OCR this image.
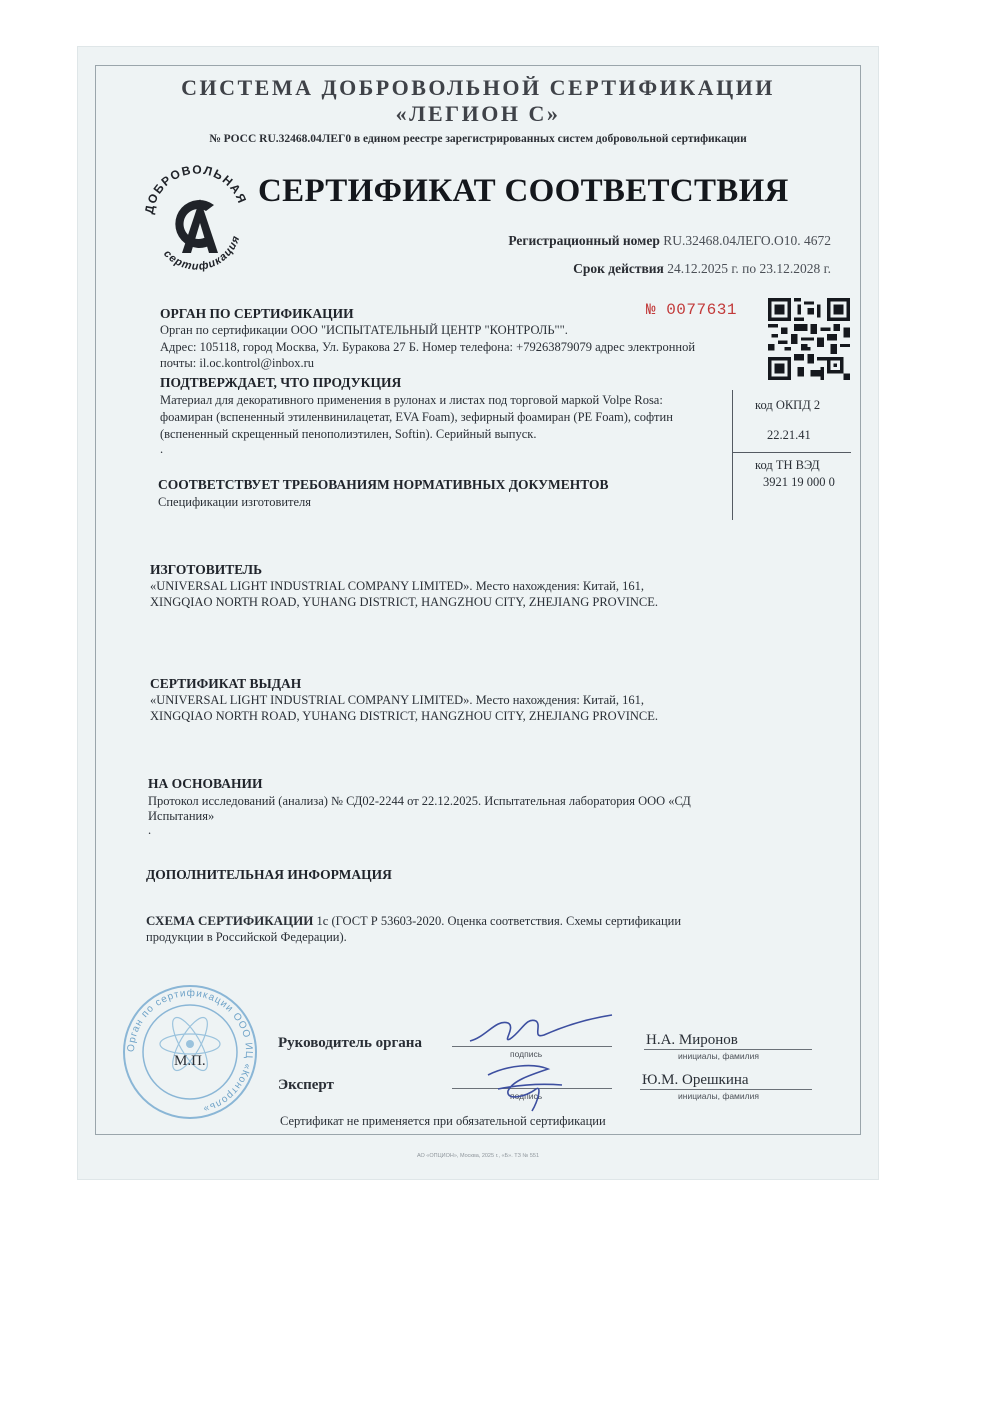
СИСТЕМА ДОБРОВОЛЬНОЙ СЕРТИФИКАЦИИ
«ЛЕГИОН С»
№ РОСС RU.32468.04ЛЕГ0 в едином реестре зарегистрированных систем добровольной сертификации
ДОБРОВОЛЬНАЯ
сертификация
СЕРТИФИКАТ СООТВЕТСТВИЯ
Регистрационный номер RU.32468.04ЛЕГО.О10. 4672
Срок действия 24.12.2025 г. по 23.12.2028 г.
ОРГАН ПО СЕРТИФИКАЦИИ	№ 0077631
Орган по сертификации ООО "ИСПЫТАТЕЛЬНЫЙ ЦЕНТР "КОНТРОЛЬ"".
Адрес: 105118, город Москва, Ул. Буракова 27 Б. Номер телефона: +79263879079 адрес электронной
почты: il.oc.kontrol@inbox.ru
ПОДТВЕРЖДАЕТ, ЧТО ПРОДУКЦИЯ
Материал для декоративного применения в рулонах и листах под торговой маркой Volpe Rosa:
фоамиран (вспененный этиленвинилацетат, EVA Foam), зефирный фоамиран (PE Foam), софтин
(вспененный скрещенный пенополиэтилен, Softin). Серийный выпуск.
.
код ОКПД 2
22.21.41
код ТН ВЭД
3921 19 000 0
СООТВЕТСТВУЕТ ТРЕБОВАНИЯМ НОРМАТИВНЫХ ДОКУМЕНТОВ
Спецификации изготовителя
ИЗГОТОВИТЕЛЬ
«UNIVERSAL LIGHT INDUSTRIAL COMPANY LIMITED». Место нахождения: Китай, 161,
XINGQIAO NORTH ROAD, YUHANG DISTRICT, HANGZHOU CITY, ZHEJIANG PROVINCE.
СЕРТИФИКАТ ВЫДАН
«UNIVERSAL LIGHT INDUSTRIAL COMPANY LIMITED». Место нахождения: Китай, 161,
XINGQIAO NORTH ROAD, YUHANG DISTRICT, HANGZHOU CITY, ZHEJIANG PROVINCE.
НА ОСНОВАНИИ
Протокол исследований (анализа) № СД02-2244 от 22.12.2025. Испытательная лаборатория ООО «СД
Испытания»
.
ДОПОЛНИТЕЛЬНАЯ ИНФОРМАЦИЯ
СХЕМА СЕРТИФИКАЦИИ 1с (ГОСТ Р 53603-2020. Оценка соответствия. Схемы сертификации
продукции в Российской Федерации).
Орган по сертификации ООО ИЦ «Контроль»
М.П.
Руководитель органа
подпись
Н.А. Миронов
инициалы, фамилия
Эксперт
подпись
Ю.М. Орешкина
инициалы, фамилия
Сертификат не применяется при обязательной сертификации
АО «ОПЦИОН», Москва, 2025 г., «Б». ТЗ № 551
